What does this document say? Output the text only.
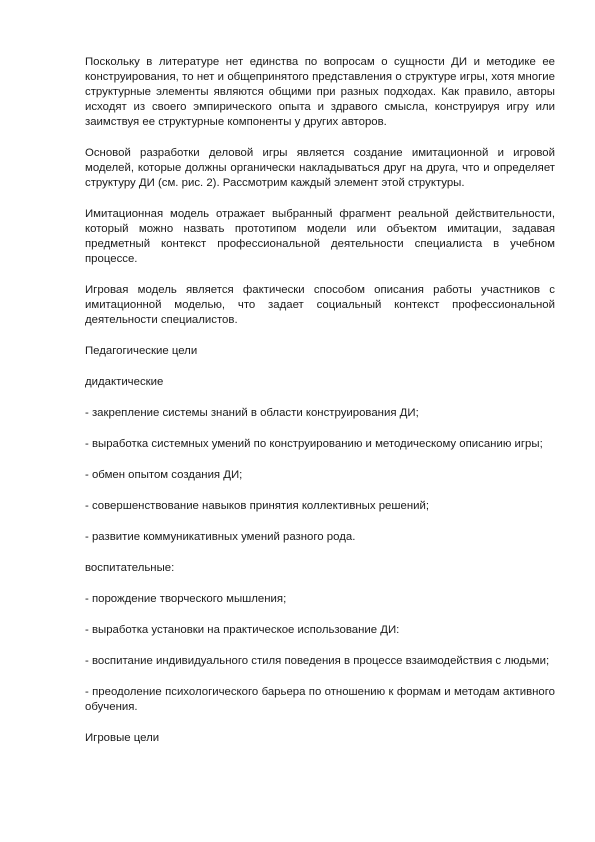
Поскольку в литературе нет единства по вопросам о сущности ДИ и методике ее конструирования, то нет и общепринятого представления о структуре игры, хотя многие структурные элементы являются общими при разных подходах. Как правило, авторы исходят из своего эмпирического опыта и здравого смысла, конструируя игру или заимствуя ее структурные компоненты у других авторов.

Основой разработки деловой игры является создание имитационной и игровой моделей, которые должны органически накладываться друг на друга, что и определяет структуру ДИ (см. рис. 2). Рассмотрим каждый элемент этой структуры.

Имитационная модель отражает выбранный фрагмент реальной действительности, который можно назвать прототипом модели или объектом имитации, задавая предметный контекст профессиональной деятельности специалиста в учебном процессе.

Игровая модель является фактически способом описания работы участников с имитационной моделью, что задает социальный контекст профессиональной деятельности специалистов.

Педагогические цели

дидактические

- закрепление системы знаний в области конструирования ДИ;

- выработка системных умений по конструированию и методическому описанию игры;

- обмен опытом создания ДИ;

- совершенствование навыков принятия коллективных решений;

- развитие коммуникативных умений разного рода.

воспитательные:

- порождение творческого мышления;

- выработка установки на практическое использование ДИ:

- воспитание индивидуального стиля поведения в процессе взаимодействия с людьми;

- преодоление психологического барьера по отношению к формам и методам активного обучения.

Игровые цели
